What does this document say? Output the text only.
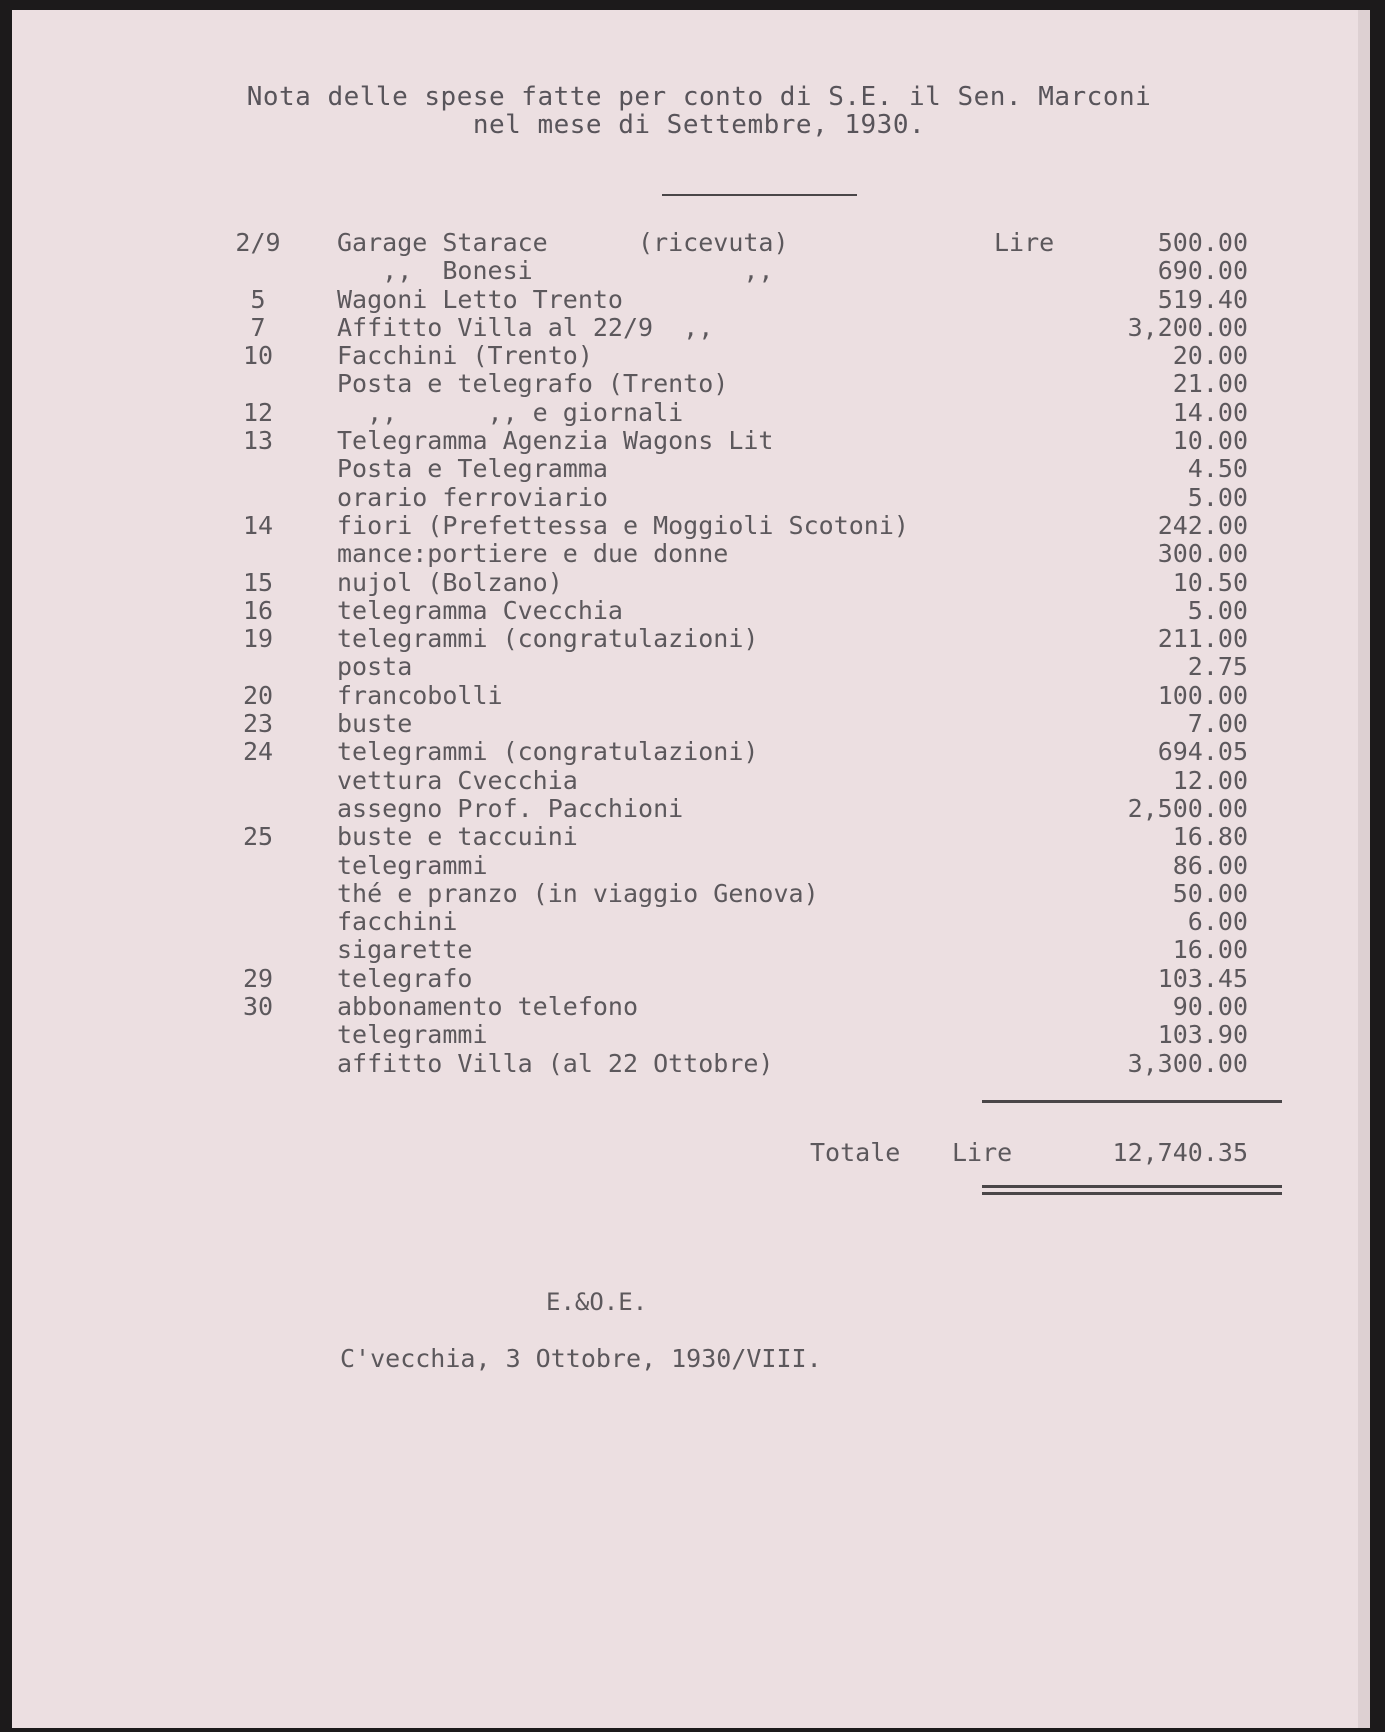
Nota delle spese fatte per conto di S.E. il Sen. Marconi
nel mese di Settembre, 1930.
Lire
2/9 Garage Starace      (ricevuta)	500.00
,,  Bonesi              ,,	690.00
5	Wagoni Letto Trento	519.40
7	Affitto Villa al 22/9  ,,	3,200.00
10	Facchini (Trento)	20.00
Posta e telegrafo (Trento)	21.00
12	,,      ,, e giornali	14.00
13	Telegramma Agenzia Wagons Lit	10.00
Posta e Telegramma	4.50
orario ferroviario	5.00
14	fiori (Prefettessa e Moggioli Scotoni)	242.00
mance:portiere e due donne	300.00
15	nujol (Bolzano)	10.50
16	telegramma Cvecchia	5.00
19	telegrammi (congratulazioni)	211.00
posta	2.75
20	francobolli	100.00
23	buste	7.00
24	telegrammi (congratulazioni)	694.05
vettura Cvecchia	12.00
assegno Prof. Pacchioni	2,500.00
25	buste e taccuini	16.80
telegrammi	86.00
thé e pranzo (in viaggio Genova)	50.00
facchini	6.00
sigarette	16.00
29	telegrafo	103.45
30	abbonamento telefono	90.00
telegrammi	103.90
affitto Villa (al 22 Ottobre)	3,300.00
Totale Lire	12,740.35
E.&O.E.
C'vecchia, 3 Ottobre, 1930/VIII.
